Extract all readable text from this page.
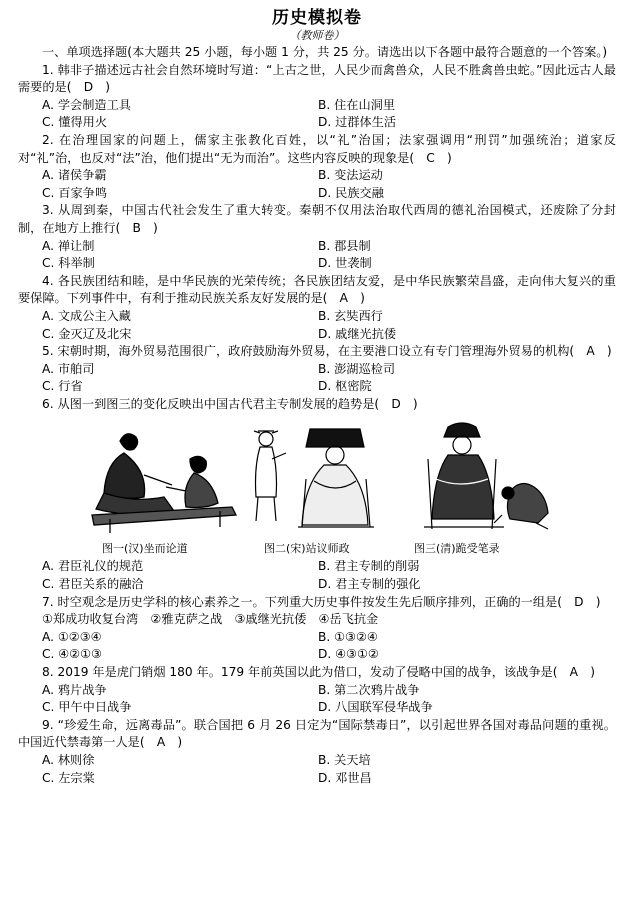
历史模拟卷
（教师卷）

一、单项选择题(本大题共 25 小题，每小题 1 分，共 25 分。请选出以下各题中最符合题意的一个答案。)

1. 韩非子描述远古社会自然环境时写道：“上古之世，人民少而禽兽众，人民不胜禽兽虫蛇。”因此远古人最需要的是(　D　)

A. 学会制造工具	B. 住在山洞里
C. 懂得用火	D. 过群体生活

2. 在治理国家的问题上，儒家主张教化百姓，以“礼”治国；法家强调用“刑罚”加强统治；道家反对“礼”治，也反对“法”治，他们提出“无为而治”。这些内容反映的现象是(　C　)

A. 诸侯争霸	B. 变法运动
C. 百家争鸣	D. 民族交融

3. 从周到秦，中国古代社会发生了重大转变。秦朝不仅用法治取代西周的德礼治国模式，还废除了分封制，在地方上推行(　B　)

A. 禅让制	B. 郡县制
C. 科举制	D. 世袭制

4. 各民族团结和睦，是中华民族的光荣传统；各民族团结友爱，是中华民族繁荣昌盛，走向伟大复兴的重要保障。下列事件中，有利于推动民族关系友好发展的是(　A　)

A. 文成公主入藏	B. 玄奘西行
C. 金灭辽及北宋	D. 戚继光抗倭

5. 宋朝时期，海外贸易范围很广，政府鼓励海外贸易，在主要港口设立有专门管理海外贸易的机构(　A　)

A. 市舶司	B. 澎湖巡检司
C. 行省	D. 枢密院

6. 从图一到图三的变化反映出中国古代君主专制发展的趋势是(　D　)

图一(汉)坐而论道	图二(宋)站议师政	图三(清)跪受笔录
A. 君臣礼仪的规范	B. 君主专制的削弱
C. 君臣关系的融洽	D. 君主专制的强化

7. 时空观念是历史学科的核心素养之一。下列重大历史事件按发生先后顺序排列，正确的一组是(　D　)

①郑成功收复台湾　②雅克萨之战　③戚继光抗倭　④岳飞抗金
A. ①②③④	B. ①③②④
C. ④②①③	D. ④③①②

8. 2019 年是虎门销烟 180 年。179 年前英国以此为借口，发动了侵略中国的战争，该战争是(　A　)

A. 鸦片战争	B. 第二次鸦片战争
C. 甲午中日战争	D. 八国联军侵华战争

9. “珍爱生命，远离毒品”。联合国把 6 月 26 日定为“国际禁毒日”，以引起世界各国对毒品问题的重视。中国近代禁毒第一人是(　A　)

A. 林则徐	B. 关天培
C. 左宗棠	D. 邓世昌
